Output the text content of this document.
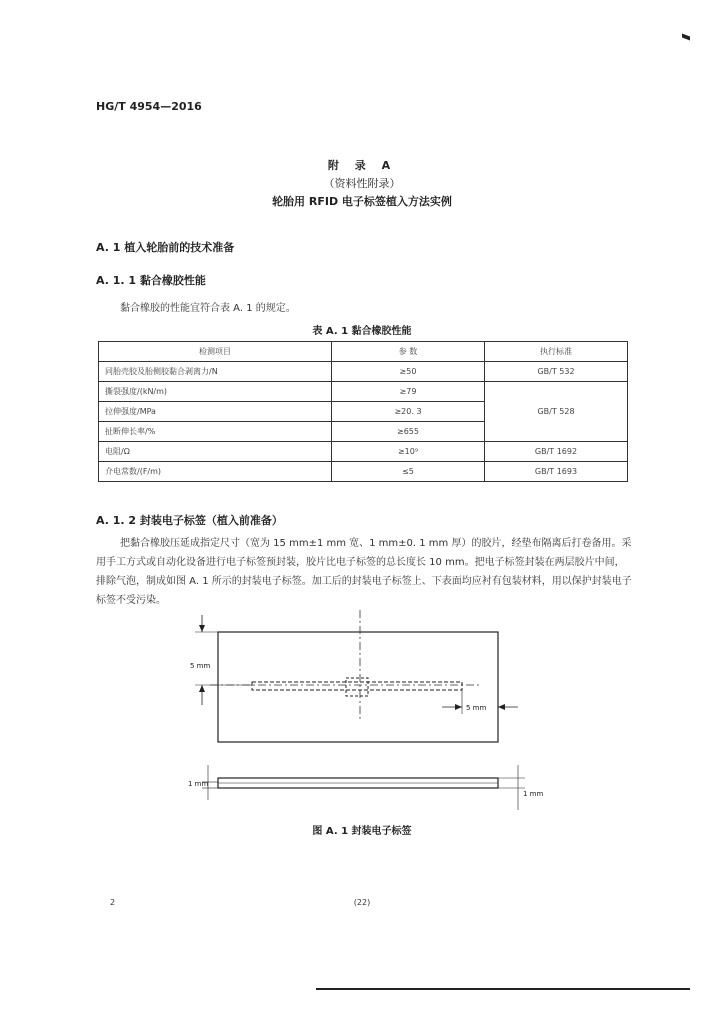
HG/T 4954—2016
附 录 A
（资料性附录）
轮胎用 RFID 电子标签植入方法实例
A. 1 植入轮胎前的技术准备
A. 1. 1 黏合橡胶性能
黏合橡胶的性能宜符合表 A. 1 的规定。
表 A. 1 黏合橡胶性能
检测项目	参 数	执行标准
同胎壳胶及胎侧胶黏合剥离力/N	≥50	GB/T 532
撕裂强度/(kN/m)	≥79	GB/T 528
拉伸强度/MPa	≥20. 3	
扯断伸长率/%	≥655	
电阻/Ω	≥10⁹	GB/T 1692
介电常数/(F/m)	≤5	GB/T 1693
A. 1. 2 封装电子标签（植入前准备）
把黏合橡胶压延成指定尺寸（宽为 15 mm±1 mm 宽、1 mm±0. 1 mm 厚）的胶片，经垫布隔离后打卷备用。采用手工方式或自动化设备进行电子标签预封装，胶片比电子标签的总长度长 10 mm。把电子标签封装在两层胶片中间，排除气泡，制成如图 A. 1 所示的封装电子标签。加工后的封装电子标签上、下表面均应衬有包装材料，用以保护封装电子标签不受污染。
5 mm
5 mm
1 mm
1 mm
图 A. 1 封装电子标签
2	(22)
